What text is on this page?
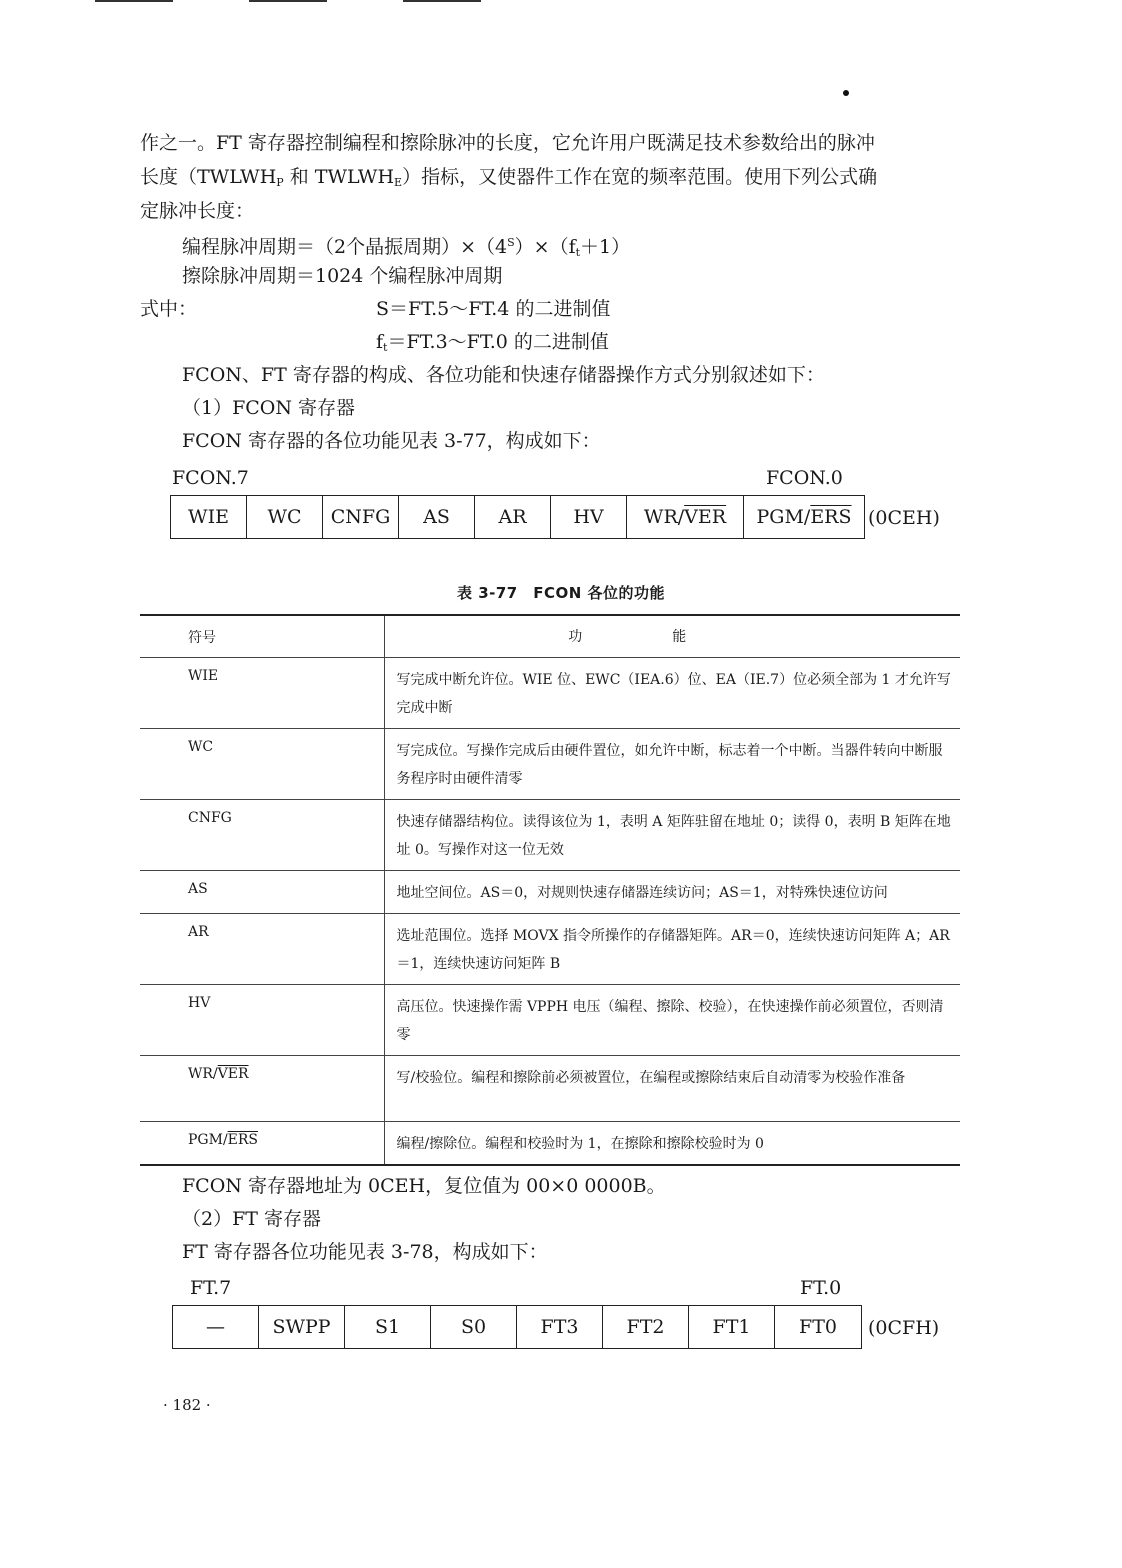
作之一。FT 寄存器控制编程和擦除脉冲的长度，它允许用户既满足技术参数给出的脉冲
长度（$TWLWH_P$ 和 $TWLWH_E$）指标，又使器件工作在宽的频率范围。使用下列公式确
定脉冲长度：
编程脉冲周期＝（2个晶振周期）$\times(4^S)\times(f_t+1)$
擦除脉冲周期＝1024 个编程脉冲周期
式中：	S＝FT.5～FT.4 的二进制值
$f_t=FT.3\sim FT.0$ 的二进制值
FCON、FT 寄存器的构成、各位功能和快速存储器操作方式分别叙述如下：
（1）FCON 寄存器
FCON 寄存器的各位功能见表 3-77，构成如下：
FCON.7	FCON.0
WIE WC CNFG AS	AR HV WR/ $\overline{VER}$ PGM/ $\overline{ERS}$ (0CEH)
表 3-77　FCON 各位的功能
符号	功能
WIE	写完成中断允许位。WIE 位、EWC（IEA.6）位、EA（IE.7）位必须全部为 1 才允许写完成中断
WC	写完成位。写操作完成后由硬件置位，如允许中断，标志着一个中断。当器件转向中断服务程序时由硬件清零
CNFG	快速存储器结构位。读得该位为 1，表明 A 矩阵驻留在地址 0；读得 0，表明 B 矩阵在地址 0。写操作对这一位无效
AS	地址空间位。AS＝0，对规则快速存储器连续访问；AS＝1，对特殊快速位访问
AR	选址范围位。选择 MOVX 指令所操作的存储器矩阵。AR＝0，连续快速访问矩阵 A；AR＝1，连续快速访问矩阵 B
HV	高压位。快速操作需 VPPH 电压（编程、擦除、校验），在快速操作前必须置位，否则清零
$WR/\overline{VER}$	写/校验位。编程和擦除前必须被置位，在编程或擦除结束后自动清零为校验作准备
PGM/$\overline{ERS}$	编程/擦除位。编程和校验时为 1，在擦除和擦除校验时为 0
FCON 寄存器地址为 0CEH，复位值为 00×0 0000B。
（2）FT 寄存器
FT 寄存器各位功能见表 3-78，构成如下：
FT.7	FT.0
—	SWPP	S1	S0	FT3	FT2	FT1	FT0	(0CFH)
· 182 ·
